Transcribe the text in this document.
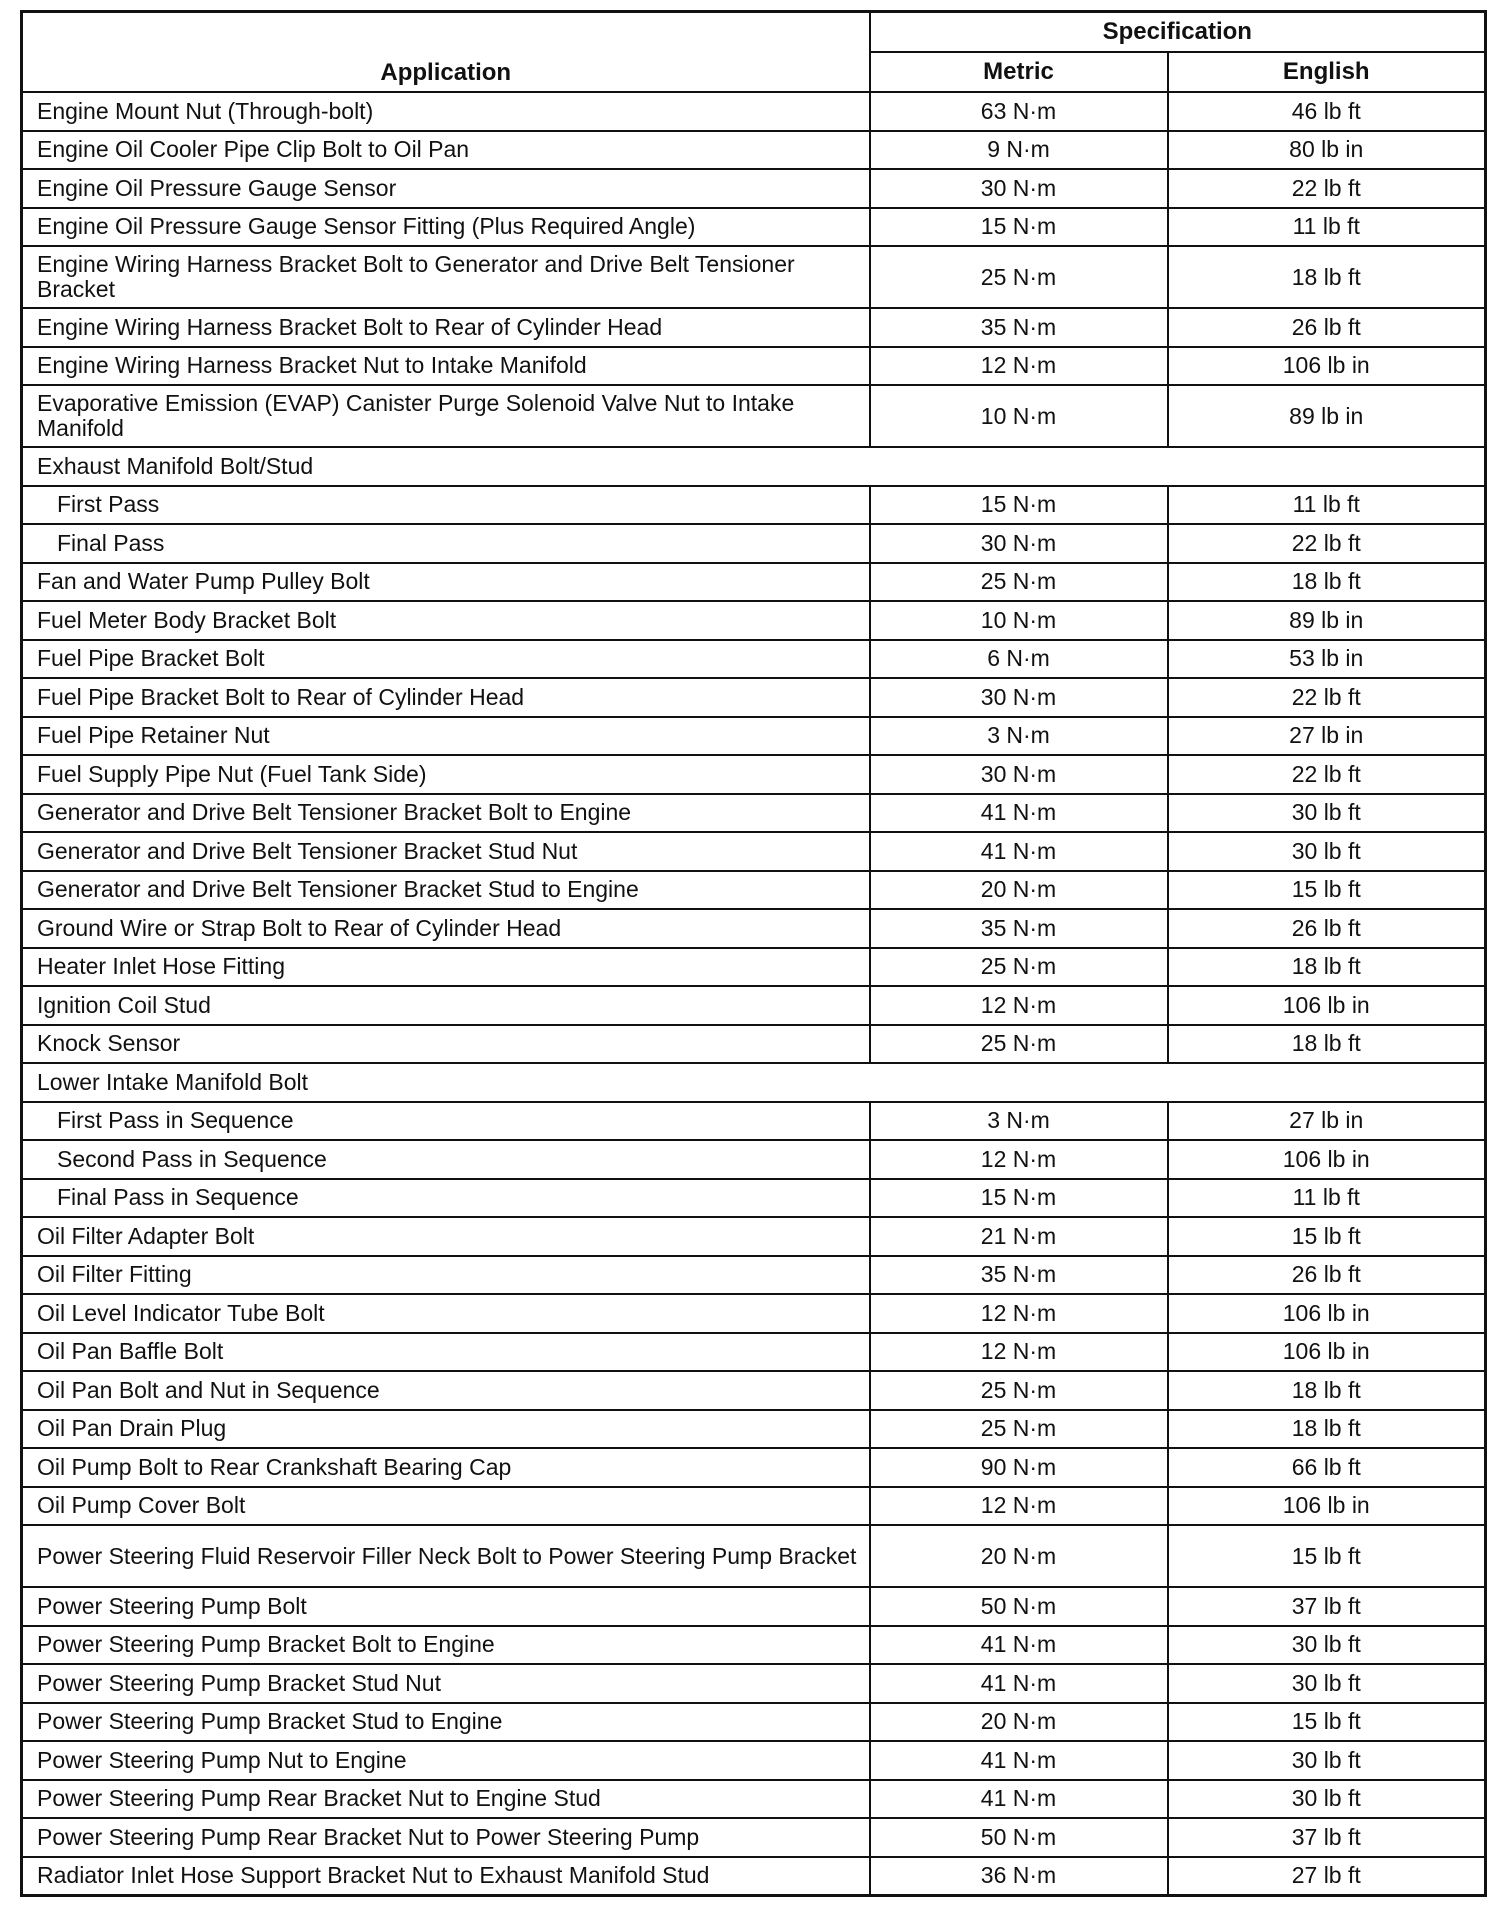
Application	Specification	
	Metric	English
Engine Mount Nut (Through-bolt)	63 N·m	46 lb ft
Engine Oil Cooler Pipe Clip Bolt to Oil Pan	9 N·m	80 lb in
Engine Oil Pressure Gauge Sensor	30 N·m	22 lb ft
Engine Oil Pressure Gauge Sensor Fitting (Plus Required Angle)	15 N·m	11 lb ft
Engine Wiring Harness Bracket Bolt to Generator and Drive Belt Tensioner Bracket	25 N·m	18 lb ft
Engine Wiring Harness Bracket Bolt to Rear of Cylinder Head	35 N·m	26 lb ft
Engine Wiring Harness Bracket Nut to Intake Manifold	12 N·m	106 lb in
Evaporative Emission (EVAP) Canister Purge Solenoid Valve Nut to Intake Manifold	10 N·m	89 lb in
Exhaust Manifold Bolt/Stud		
First Pass	15 N·m	11 lb ft
Final Pass	30 N·m	22 lb ft
Fan and Water Pump Pulley Bolt	25 N·m	18 lb ft
Fuel Meter Body Bracket Bolt	10 N·m	89 lb in
Fuel Pipe Bracket Bolt	6 N·m	53 lb in
Fuel Pipe Bracket Bolt to Rear of Cylinder Head	30 N·m	22 lb ft
Fuel Pipe Retainer Nut	3 N·m	27 lb in
Fuel Supply Pipe Nut (Fuel Tank Side)	30 N·m	22 lb ft
Generator and Drive Belt Tensioner Bracket Bolt to Engine	41 N·m	30 lb ft
Generator and Drive Belt Tensioner Bracket Stud Nut	41 N·m	30 lb ft
Generator and Drive Belt Tensioner Bracket Stud to Engine	20 N·m	15 lb ft
Ground Wire or Strap Bolt to Rear of Cylinder Head	35 N·m	26 lb ft
Heater Inlet Hose Fitting	25 N·m	18 lb ft
Ignition Coil Stud	12 N·m	106 lb in
Knock Sensor	25 N·m	18 lb ft
Lower Intake Manifold Bolt		
First Pass in Sequence	3 N·m	27 lb in
Second Pass in Sequence	12 N·m	106 lb in
Final Pass in Sequence	15 N·m	11 lb ft
Oil Filter Adapter Bolt	21 N·m	15 lb ft
Oil Filter Fitting	35 N·m	26 lb ft
Oil Level Indicator Tube Bolt	12 N·m	106 lb in
Oil Pan Baffle Bolt	12 N·m	106 lb in
Oil Pan Bolt and Nut in Sequence	25 N·m	18 lb ft
Oil Pan Drain Plug	25 N·m	18 lb ft
Oil Pump Bolt to Rear Crankshaft Bearing Cap	90 N·m	66 lb ft
Oil Pump Cover Bolt	12 N·m	106 lb in
Power Steering Fluid Reservoir Filler Neck Bolt to Power Steering Pump Bracket	20 N·m	15 lb ft
Power Steering Pump Bolt	50 N·m	37 lb ft
Power Steering Pump Bracket Bolt to Engine	41 N·m	30 lb ft
Power Steering Pump Bracket Stud Nut	41 N·m	30 lb ft
Power Steering Pump Bracket Stud to Engine	20 N·m	15 lb ft
Power Steering Pump Nut to Engine	41 N·m	30 lb ft
Power Steering Pump Rear Bracket Nut to Engine Stud	41 N·m	30 lb ft
Power Steering Pump Rear Bracket Nut to Power Steering Pump	50 N·m	37 lb ft
Radiator Inlet Hose Support Bracket Nut to Exhaust Manifold Stud	36 N·m	27 lb ft
